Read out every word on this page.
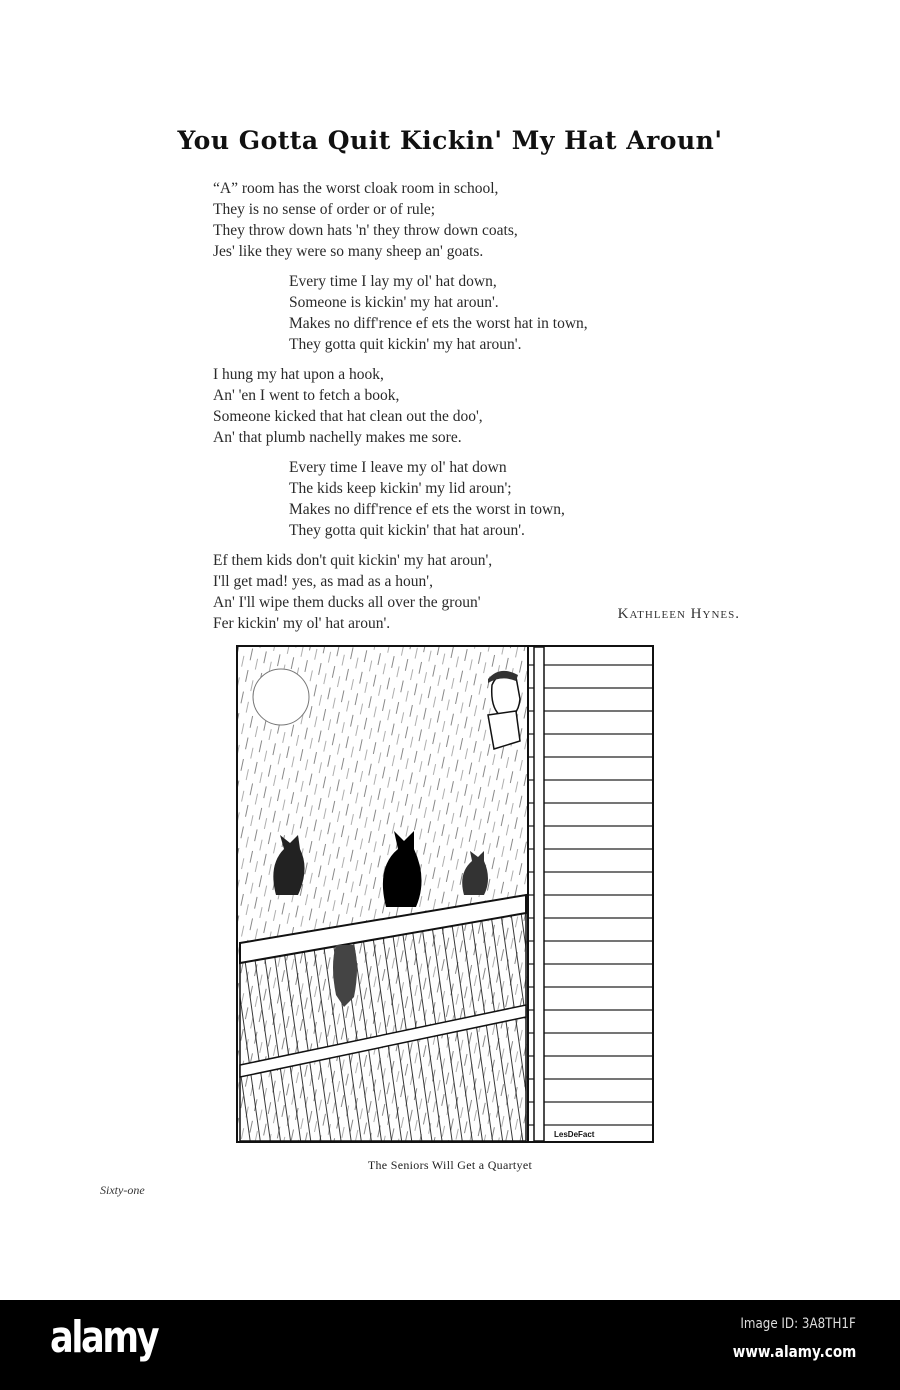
You Gotta Quit Kickin' My Hat Aroun'
“A” room has the worst cloak room in school,
They is no sense of order or of rule;
They throw down hats 'n' they throw down coats,
Jes' like they were so many sheep an' goats.
Every time I lay my ol' hat down,
Someone is kickin' my hat aroun'.
Makes no diff'rence ef ets the worst hat in town,
They gotta quit kickin' my hat aroun'.
I hung my hat upon a hook,
An' 'en I went to fetch a book,
Someone kicked that hat clean out the doo',
An' that plumb nachelly makes me sore.
Every time I leave my ol' hat down
The kids keep kickin' my lid aroun';
Makes no diff'rence ef ets the worst in town,
They gotta quit kickin' that hat aroun'.
Ef them kids don't quit kickin' my hat aroun',
I'll get mad! yes, as mad as a houn',
An' I'll wipe them ducks all over the groun'
Fer kickin' my ol' hat aroun'.
Kathleen Hynes.
LesDeFact
The Seniors Will Get a Quartyet
Sixty-one
alamy	Image ID: 3A8TH1F
www.alamy.com
